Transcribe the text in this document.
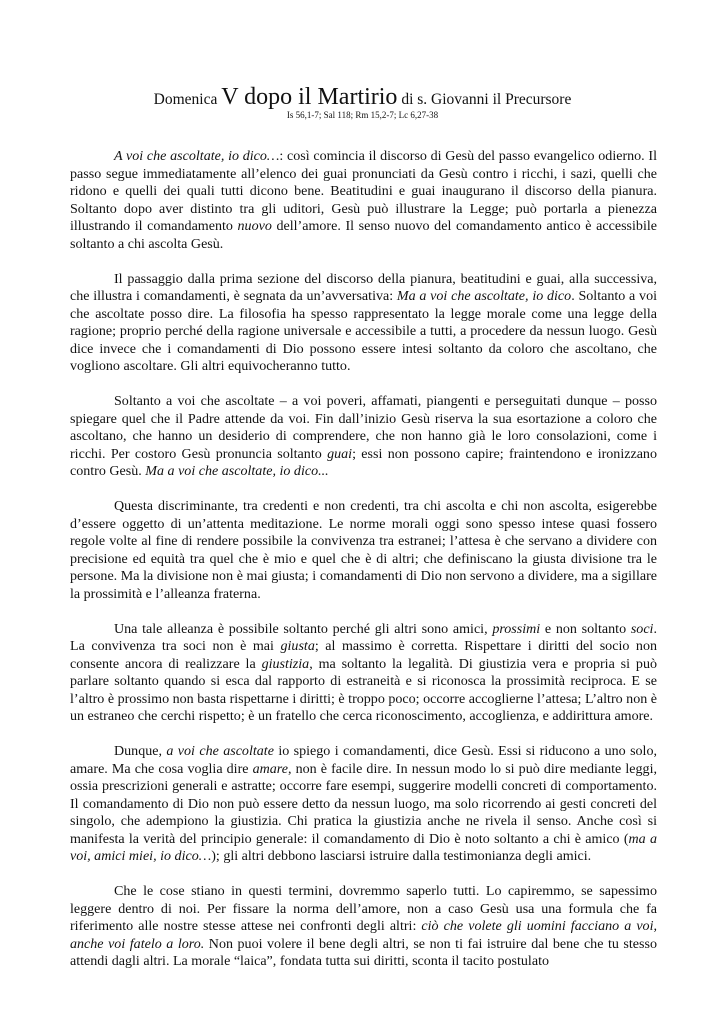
Domenica V dopo il Martirio di s. Giovanni il Precursore
Is 56,1-7; Sal 118; Rm 15,2-7; Lc 6,27-38

A voi che ascoltate, io dico…: così comincia il discorso di Gesù del passo evangelico odierno. Il passo segue immediatamente all’elenco dei guai pronunciati da Gesù contro i ricchi, i sazi, quelli che ridono e quelli dei quali tutti dicono bene. Beatitudini e guai inaugurano il discorso della pianura. Soltanto dopo aver distinto tra gli uditori, Gesù può illustrare la Legge; può portarla a pienezza illustrando il comandamento nuovo dell’amore. Il senso nuovo del comandamento antico è accessibile soltanto a chi ascolta Gesù.

Il passaggio dalla prima sezione del discorso della pianura, beatitudini e guai, alla successiva, che illustra i comandamenti, è segnata da un’avversativa: Ma a voi che ascoltate, io dico. Soltanto a voi che ascoltate posso dire. La filosofia ha spesso rappresentato la legge morale come una legge della ragione; proprio perché della ragione universale e accessibile a tutti, a procedere da nessun luogo. Gesù dice invece che i comandamenti di Dio possono essere intesi soltanto da coloro che ascoltano, che vogliono ascoltare. Gli altri equivocheranno tutto.

Soltanto a voi che ascoltate – a voi poveri, affamati, piangenti e perseguitati dunque – posso spiegare quel che il Padre attende da voi. Fin dall’inizio Gesù riserva la sua esortazione a coloro che ascoltano, che hanno un desiderio di comprendere, che non hanno già le loro consolazioni, come i ricchi. Per costoro Gesù pronuncia soltanto guai; essi non possono capire; fraintendono e ironizzano contro Gesù. Ma a voi che ascoltate, io dico...

Questa discriminante, tra credenti e non credenti, tra chi ascolta e chi non ascolta, esigerebbe d’essere oggetto di un’attenta meditazione. Le norme morali oggi sono spesso intese quasi fossero regole volte al fine di rendere possibile la convivenza tra estranei; l’attesa è che servano a dividere con precisione ed equità tra quel che è mio e quel che è di altri; che definiscano la giusta divisione tra le persone. Ma la divisione non è mai giusta; i comandamenti di Dio non servono a dividere, ma a sigillare la prossimità e l’alleanza fraterna.

Una tale alleanza è possibile soltanto perché gli altri sono amici, prossimi e non soltanto soci. La convivenza tra soci non è mai giusta; al massimo è corretta. Rispettare i diritti del socio non consente ancora di realizzare la giustizia, ma soltanto la legalità. Di giustizia vera e propria si può parlare soltanto quando si esca dal rapporto di estraneità e si riconosca la prossimità reciproca. E se l’altro è prossimo non basta rispettarne i diritti; è troppo poco; occorre accoglierne l’attesa; L’altro non è un estraneo che cerchi rispetto; è un fratello che cerca riconoscimento, accoglienza, e addirittura amore.

Dunque, a voi che ascoltate io spiego i comandamenti, dice Gesù. Essi si riducono a uno solo, amare. Ma che cosa voglia dire amare, non è facile dire. In nessun modo lo si può dire mediante leggi, ossia prescrizioni generali e astratte; occorre fare esempi, suggerire modelli concreti di comportamento. Il comandamento di Dio non può essere detto da nessun luogo, ma solo ricorrendo ai gesti concreti del singolo, che adempiono la giustizia. Chi pratica la giustizia anche ne rivela il senso. Anche così si manifesta la verità del principio generale: il comandamento di Dio è noto soltanto a chi è amico (ma a voi, amici miei, io dico…); gli altri debbono lasciarsi istruire dalla testimonianza degli amici.

Che le cose stiano in questi termini, dovremmo saperlo tutti. Lo capiremmo, se sapessimo leggere dentro di noi. Per fissare la norma dell’amore, non a caso Gesù usa una formula che fa riferimento alle nostre stesse attese nei confronti degli altri: ciò che volete gli uomini facciano a voi, anche voi fatelo a loro. Non puoi volere il bene degli altri, se non ti fai istruire dal bene che tu stesso attendi dagli altri. La morale “laica”, fondata tutta sui diritti, sconta il tacito postulato
